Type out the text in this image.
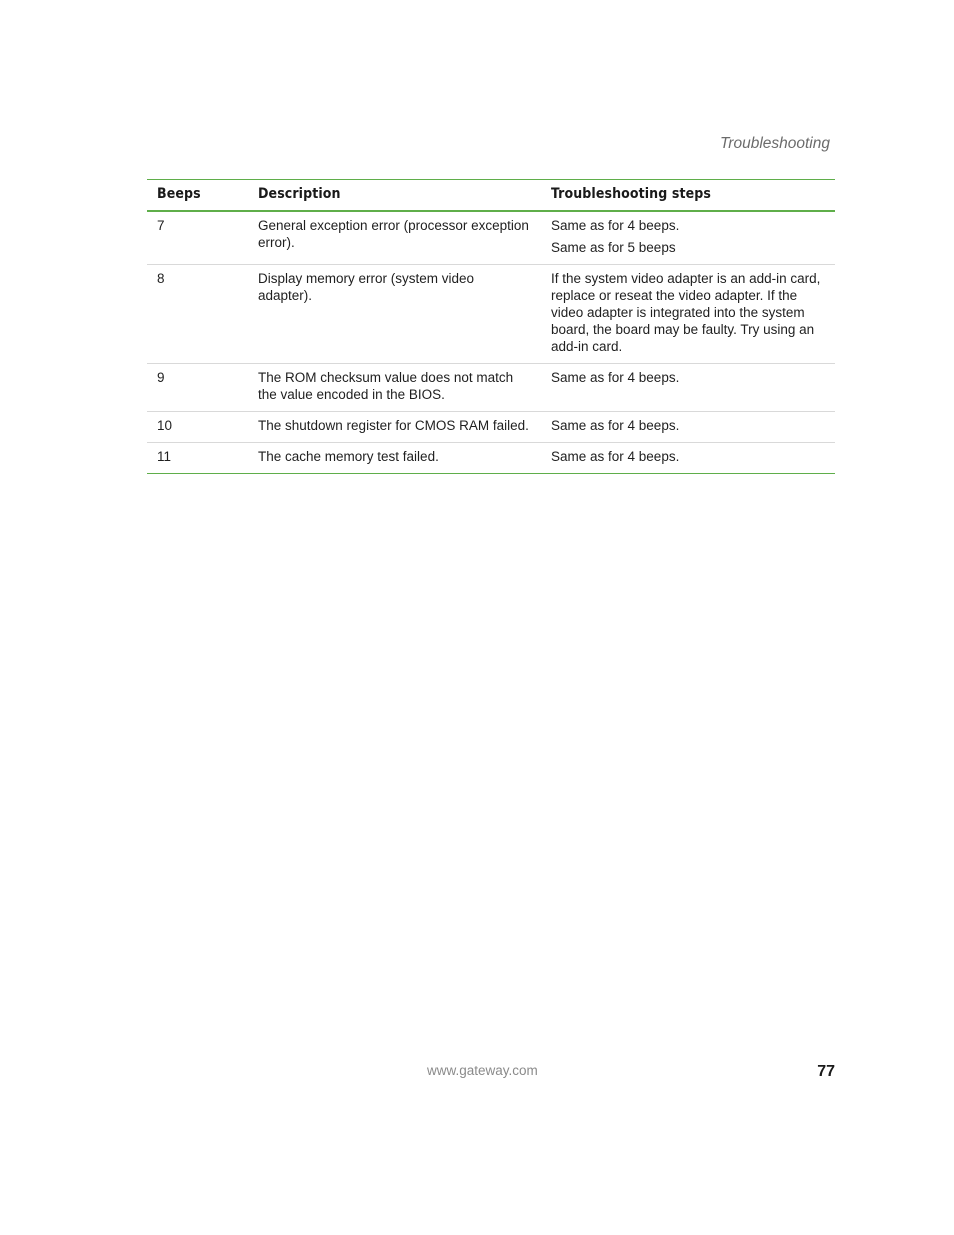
Troubleshooting
Beeps	Description	Troubleshooting steps
7	General exception error (processor exception error).	Same as for 4 beeps.
Same as for 5 beeps

8	Display memory error (system video adapter).	If the system video adapter is an add-in card, replace or reseat the video adapter. If the video adapter is integrated into the system board, the board may be faulty. Try using an add-in card.

9	The ROM checksum value does not match the value encoded in the BIOS.	Same as for 4 beeps.

10	The shutdown register for CMOS RAM failed.	Same as for 4 beeps.

11	The cache memory test failed.	Same as for 4 beeps.
www.gateway.com	77
